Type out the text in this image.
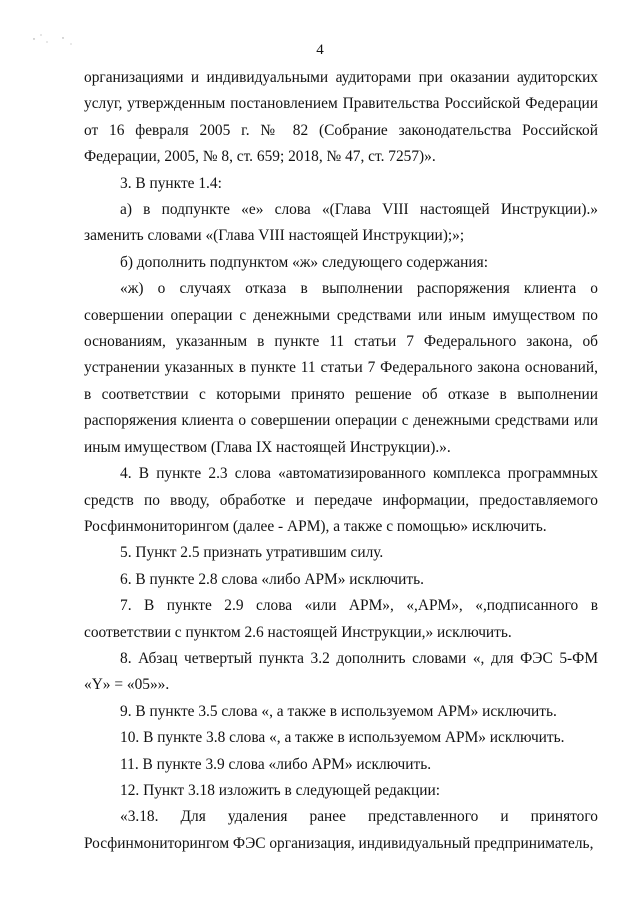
4

организациями и индивидуальными аудиторами при оказании аудиторских услуг, утвержденным постановлением Правительства Российской Федерации от 16 февраля 2005 г. № 82 (Собрание законодательства Российской Федерации, 2005, № 8, ст. 659; 2018, № 47, ст. 7257)».

3. В пункте 1.4:

а) в подпункте «е» слова «(Глава VIII настоящей Инструкции).» заменить словами «(Глава VIII настоящей Инструкции);»;

б) дополнить подпунктом «ж» следующего содержания:

«ж) о случаях отказа в выполнении распоряжения клиента о совершении операции с денежными средствами или иным имуществом по основаниям, указанным в пункте 11 статьи 7 Федерального закона, об устранении указанных в пункте 11 статьи 7 Федерального закона оснований, в соответствии с которыми принято решение об отказе в выполнении распоряжения клиента о совершении операции с денежными средствами или иным имуществом (Глава IX настоящей Инструкции).».

4. В пункте 2.3 слова «автоматизированного комплекса программных средств по вводу, обработке и передаче информации, предоставляемого Росфинмониторингом (далее - АРМ), а также с помощью» исключить.

5. Пункт 2.5 признать утратившим силу.

6. В пункте 2.8 слова «либо АРМ» исключить.

7. В пункте 2.9 слова «или АРМ», «,АРМ», «,подписанного в соответствии с пунктом 2.6 настоящей Инструкции,» исключить.

8. Абзац четвертый пункта 3.2 дополнить словами «, для ФЭС 5-ФМ «Y» = «05»».

9. В пункте 3.5 слова «, а также в используемом АРМ» исключить.

10. В пункте 3.8 слова «, а также в используемом АРМ» исключить.

11. В пункте 3.9 слова «либо АРМ» исключить.

12. Пункт 3.18 изложить в следующей редакции:

«3.18. Для удаления ранее представленного и принятого Росфинмониторингом ФЭС организация, индивидуальный предприниматель,
